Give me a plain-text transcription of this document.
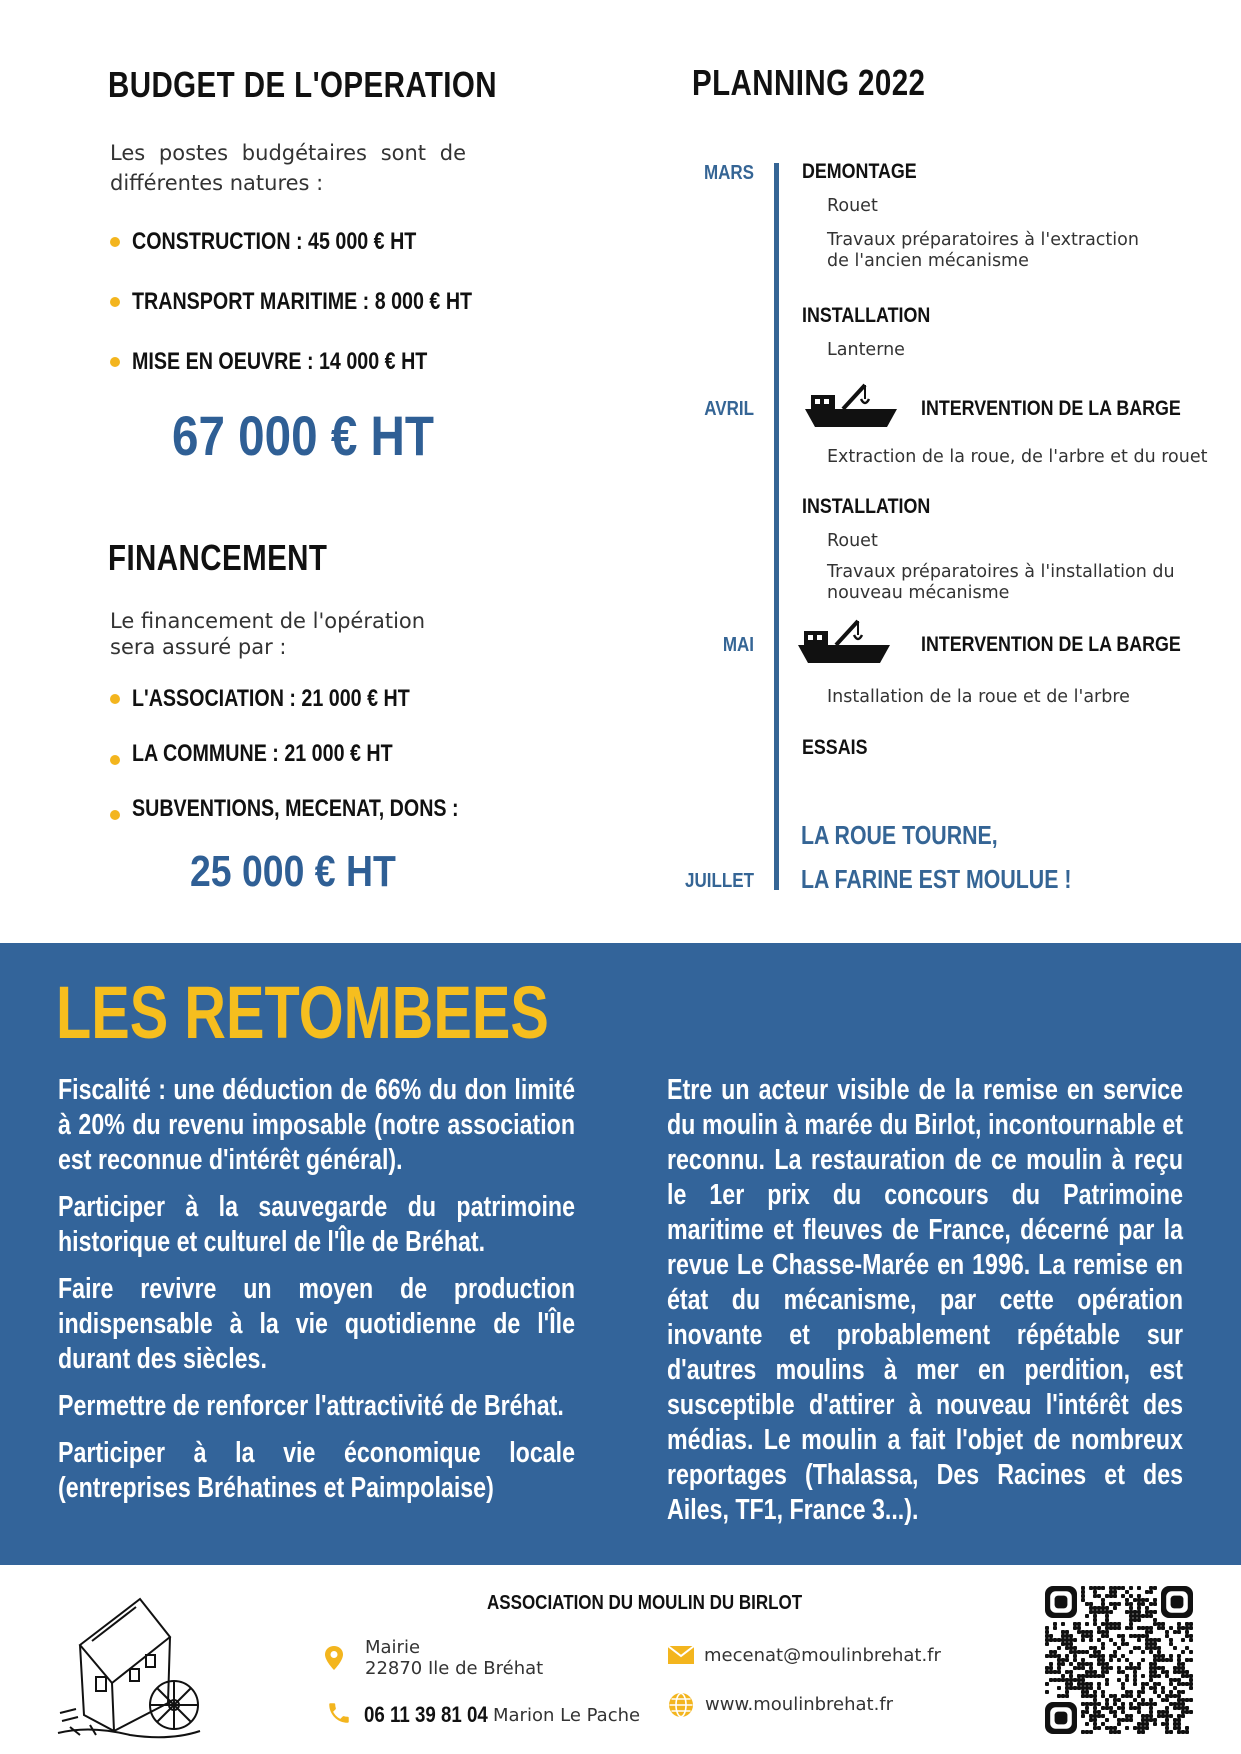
BUDGET DE L'OPERATION
Les postes budgétaires sont de différentes natures :
CONSTRUCTION : 45 000 € HT
TRANSPORT MARITIME : 8 000 € HT
MISE EN OEUVRE : 14 000 € HT
67 000 € HT
FINANCEMENT
Le financement de l'opération sera assuré par :
L'ASSOCIATION : 21 000 € HT
LA COMMUNE : 21 000 € HT
SUBVENTIONS, MECENAT, DONS :
25 000 € HT
PLANNING 2022
MARS
AVRIL
MAI
JUILLET
DEMONTAGE
Rouet
Travaux préparatoires à l'extraction
de l'ancien mécanisme
INSTALLATION
Lanterne
INTERVENTION DE LA BARGE
Extraction de la roue, de l'arbre et du rouet
INSTALLATION
Rouet
Travaux préparatoires à l'installation du
nouveau mécanisme
INTERVENTION DE LA BARGE
Installation de la roue et de l'arbre
ESSAIS
LA ROUE TOURNE,
LA FARINE EST MOULUE !
LES RETOMBEES

Fiscalité : une déduction de 66% du don limité à 20% du revenu imposable (notre association est reconnue d'intérêt général).

Participer à la sauvegarde du patrimoine historique et culturel de l'Île de Bréhat.

Faire revivre un moyen de production indispensable à la vie quotidienne de l'Île durant des siècles.

Permettre de renforcer l'attractivité de Bréhat.

Participer à la vie économique locale (entreprises Bréhatines et Paimpolaise)

Etre un acteur visible de la remise en service du moulin à marée du Birlot, incontournable et reconnu. La restauration de ce moulin à reçu le 1er prix du concours du Patrimoine maritime et fleuves de France, décerné par la revue Le Chasse-Marée en 1996. La remise en état du mécanisme, par cette opération inovante et probablement répétable sur d'autres moulins à mer en perdition, est susceptible d'attirer à nouveau l'intérêt des médias. Le moulin a fait l'objet de nombreux reportages (Thalassa, Des Racines et des Ailes, TF1, France 3...).

ASSOCIATION DU MOULIN DU BIRLOT
Mairie
22870 Ile de Bréhat
06 11 39 81 04 Marion Le Pache
mecenat@moulinbrehat.fr
www.moulinbrehat.fr
